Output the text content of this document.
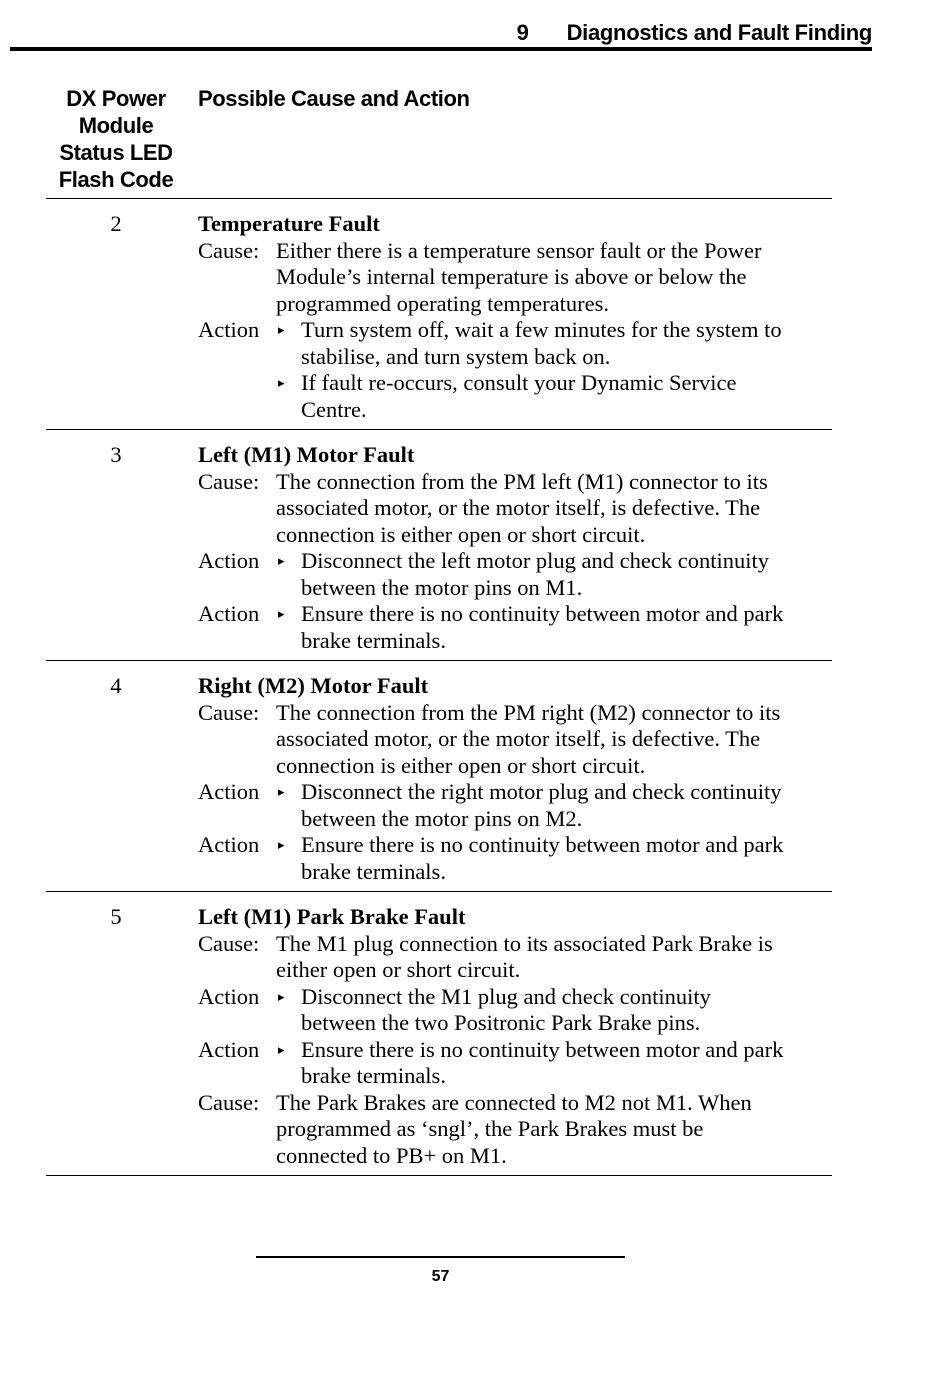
9 Diagnostics and Fault Finding
DX Power
Module
Status LED
Flash Code
Possible Cause and Action
2	Temperature Fault
Cause: Either there is a temperature sensor fault or the Power
Module’s internal temperature is above or below the
programmed operating temperatures.
Action	▸ Turn system off, wait a few minutes for the system to
stabilise, and turn system back on.
▸ If fault re-occurs, consult your Dynamic Service
Centre.
3	Left (M1) Motor Fault
Cause: The connection from the PM left (M1) connector to its
associated motor, or the motor itself, is defective. The
connection is either open or short circuit.
Action	▸ Disconnect the left motor plug and check continuity
between the motor pins on M1.
Action	▸ Ensure there is no continuity between motor and park
brake terminals.
4	Right (M2) Motor Fault
Cause: The connection from the PM right (M2) connector to its
associated motor, or the motor itself, is defective. The
connection is either open or short circuit.
Action	▸ Disconnect the right motor plug and check continuity
between the motor pins on M2.
Action	▸ Ensure there is no continuity between motor and park
brake terminals.
5	Left (M1) Park Brake Fault
Cause: The M1 plug connection to its associated Park Brake is
either open or short circuit.
Action	▸ Disconnect the M1 plug and check continuity
between the two Positronic Park Brake pins.
Action	▸ Ensure there is no continuity between motor and park
brake terminals.
Cause: The Park Brakes are connected to M2 not M1. When
programmed as ‘sngl’, the Park Brakes must be
connected to PB+ on M1.
57
